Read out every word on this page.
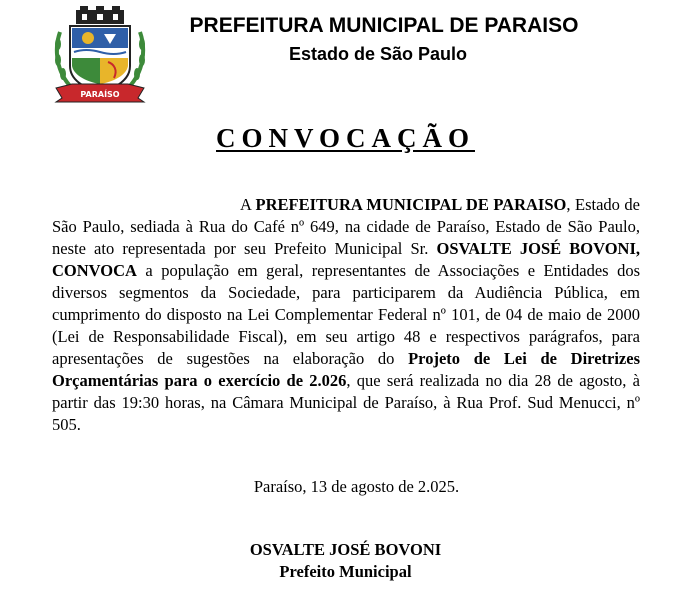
PARAÍSO
PREFEITURA MUNICIPAL DE PARAISO
Estado de São Paulo
CONVOCAÇÃO
A PREFEITURA MUNICIPAL DE PARAISO, Estado de São Paulo, sediada à Rua do Café nº 649, na cidade de Paraíso, Estado de São Paulo, neste ato representada por seu Prefeito Municipal Sr. OSVALTE JOSÉ BOVONI, CONVOCA a população em geral, representantes de Associações e Entidades dos diversos segmentos da Sociedade, para participarem da Audiência Pública, em cumprimento do disposto na Lei Complementar Federal nº 101, de 04 de maio de 2000 (Lei de Responsabilidade Fiscal), em seu artigo 48 e respectivos parágrafos, para apresentações de sugestões na elaboração do Projeto de Lei de Diretrizes Orçamentárias para o exercício de 2.026, que será realizada no dia 28 de agosto, à partir das 19:30 horas, na Câmara Municipal de Paraíso, à Rua Prof. Sud Menucci, nº 505.
Paraíso, 13 de agosto de 2.025.
OSVALTE JOSÉ BOVONI
Prefeito Municipal
